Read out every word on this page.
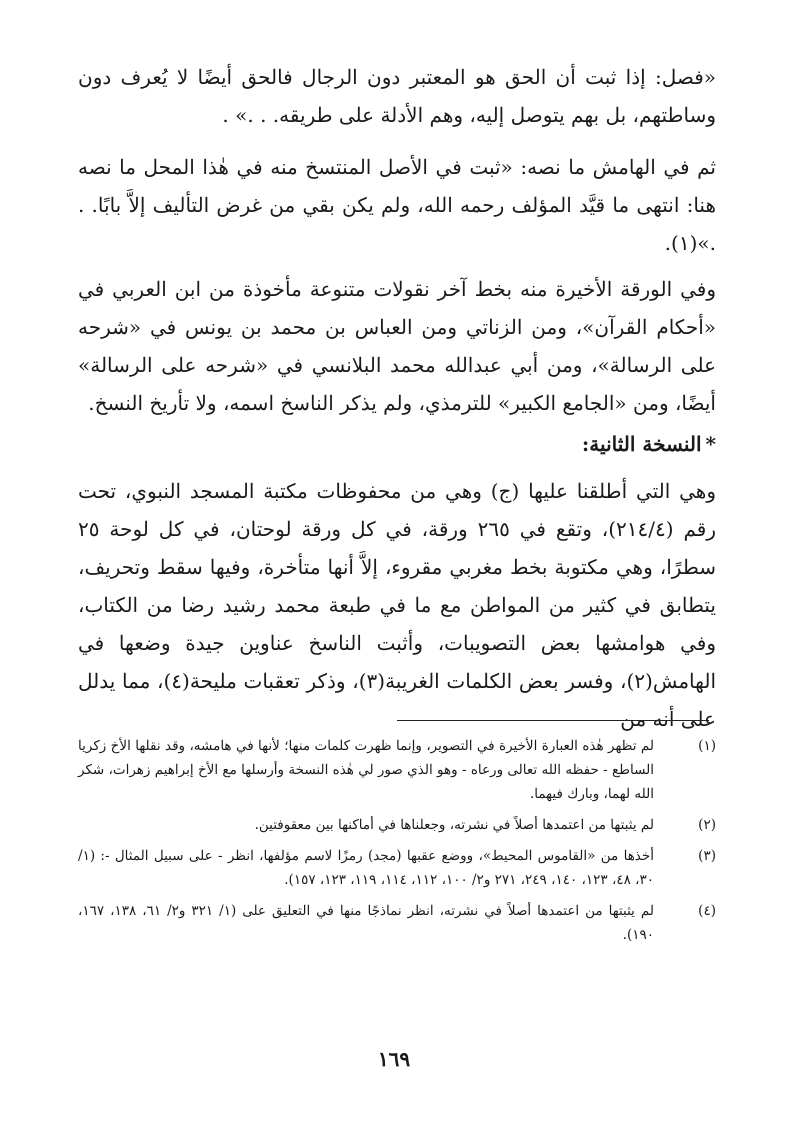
«فصل: إذا ثبت أن الحق هو المعتبر دون الرجال فالحق أيضًا لا يُعرف دون وساطتهم، بل بهم يتوصل إليه، وهم الأدلة على طريقه. . .» .

ثم في الهامش ما نصه: «ثبت في الأصل المنتسخ منه في هٰذا المحل ما نصه هنا: انتهى ما قيَّد المؤلف رحمه الله، ولم يكن بقي من غرض التأليف إلاَّ بابًا. . .»(١).

وفي الورقة الأخيرة منه بخط آخر نقولات متنوعة مأخوذة من ابن العربي في «أحكام القرآن»، ومن الزناتي ومن العباس بن محمد بن يونس في «شرحه على الرسالة»، ومن أبي عبدالله محمد البلانسي في «شرحه على الرسالة» أيضًا، ومن «الجامع الكبير» للترمذي، ولم يذكر الناسخ اسمه، ولا تأريخ النسخ.

*النسخة الثانية:

وهي التي أطلقنا عليها (ج) وهي من محفوظات مكتبة المسجد النبوي، تحت رقم (٢١٤/٤)، وتقع في ٢٦٥ ورقة، في كل ورقة لوحتان، في كل لوحة ٢٥ سطرًا، وهي مكتوبة بخط مغربي مقروء، إلاَّ أنها متأخرة، وفيها سقط وتحريف، يتطابق في كثير من المواطن مع ما في طبعة محمد رشيد رضا من الكتاب، وفي هوامشها بعض التصويبات، وأثبت الناسخ عناوين جيدة وضعها في الهامش(٢)، وفسر بعض الكلمات الغريبة(٣)، وذكر تعقبات مليحة(٤)، مما يدلل على أنه من

(١)
لم تظهر هٰذه العبارة الأخيرة في التصوير، وإنما ظهرت كلمات منها؛ لأنها في هامشه، وقد نقلها الأخ زكريا الساطع - حفظه الله تعالى ورعاه - وهو الذي صور لي هٰذه النسخة وأرسلها مع الأخ إبراهيم زهرات، شكر الله لهما، وبارك فيهما.
(٢)
لم يثبتها من اعتمدها أصلاً في نشرته، وجعلناها في أماكنها بين معقوفتين.
(٣)
أخذها من «القاموس المحيط»، ووضع عقبها (مجد) رمزًا لاسم مؤلفها، انظر - على سبيل المثال -: (١/ ٣٠، ٤٨، ١٢٣، ١٤٠، ٢٤٩، ٢٧١ و٢/ ١٠٠، ١١٢، ١١٤، ١١٩، ١٢٣، ١٥٧).
(٤)
لم يثبتها من اعتمدها أصلاً في نشرته، انظر نماذجًا منها في التعليق على (١/ ٣٢١ و٢/ ٦١، ١٣٨، ١٦٧، ١٩٠).
١٦٩
